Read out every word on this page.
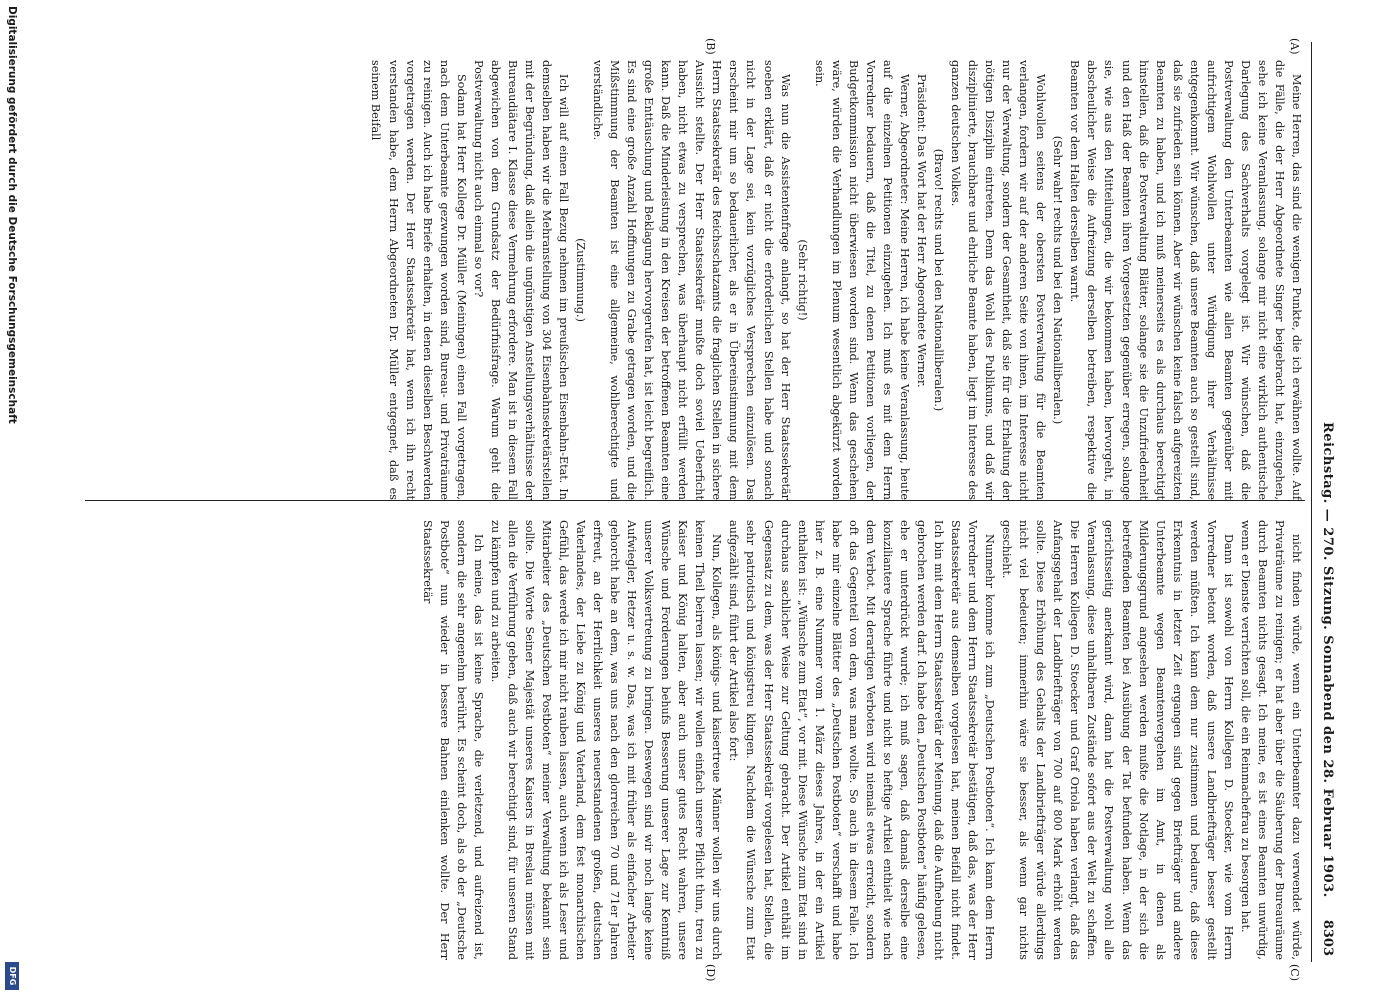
Reichstag. — 270. Sitzung. Sonnabend den 28. Februar 1903.
8303
(A)
(B)
(C)
(D)

Meine Herren, das sind die wenigen Punkte, die ich erwähnen wollte. Auf die Fälle, die der Herr Abgeordnete Singer beigebracht hat, einzugehen, sehe ich keine Veranlassung, solange mir nicht eine wirklich authentische Darlegung des Sachverhalts vorgelegt ist. Wir wünschen, daß die Postverwaltung den Unterbeamten wie allen Beamten gegenüber mit aufrichtigem Wohlwollen unter Würdigung ihrer Verhältnisse entgegenkommt. Wir wünschen, daß unsere Beamten auch so gestellt sind, daß sie zufrieden sein können. Aber wir wünschen keine falsch aufgereizten Beamten zu haben, und ich muß meinerseits es als durchaus berechtigt hinstellen, daß die Postverwaltung Blätter, solange sie die Unzufriedenheit und den Haß der Beamten ihren Vorgesetzten gegenüber erregen, solange sie, wie aus den Mitteilungen, die wir bekommen haben, hervorgeht, in abscheulicher Weise die Aufreizung derselben betreiben, respektive die Beamten vor dem Halten derselben warnt.

(Sehr wahr! rechts und bei den Nationalliberalen.)

Wohlwollen seitens der obersten Postverwaltung für die Beamten verlangen, fordern wir auf der anderen Seite von ihnen, im Interesse nicht nur der Verwaltung, sondern der Gesamtheit, daß sie für die Erhaltung der nötigen Disziplin eintreten. Denn das Wohl des Publikums, und daß wir disziplinierte, brauchbare und ehrliche Beamte haben, liegt im Interesse des ganzen deutschen Volkes.

(Bravo! rechts und bei den Nationalliberalen.)

Präsident: Das Wort hat der Herr Abgeordnete Werner.

Werner, Abgeordneter: Meine Herren, ich habe keine Veranlassung, heute auf die einzelnen Petitionen einzugehen. Ich muß es mit dem Herrn Vorredner bedauern, daß die Titel, zu denen Petitionen vorliegen, der Budgetkommission nicht überwiesen worden sind. Wenn das geschehen wäre, würden die Verhandlungen im Plenum wesentlich abgekürzt worden sein.

(Sehr richtig!)

Was nun die Assistentenfrage anlangt, so hat der Herr Staatssekretär soeben erklärt, daß er nicht die erforderlichen Stellen habe und sonach nicht in der Lage sei, kein vorzügliches Versprechen einzulösen. Das erscheint mir um so bedauerlicher, als er in Übereinstimmung mit dem Herrn Staatssekretär des Reichsschatzamts die fraglichen Stellen in sichere Aussicht stellte. Der Herr Staatssekretär mußte doch soviel Ueberficht haben, nicht etwas zu versprechen, was überhaupt nicht erfüllt werden kann. Daß die Minderleistung in den Kreisen der betroffenen Beamten eine große Enttäuschung und Beklagung hervorgerufen hat, ist leicht begreiflich. Es sind eine große Anzahl Hoffnungen zu Grabe getragen worden, und die Mißstimmung der Beamten ist eine allgemeine, wohlberechtigte und verständliche.

(Zustimmung.)

Ich will auf einen Fall Bezug nehmen im preußischen Eisenbahn-Etat. In demselben haben wir die Mehranstellung von 304 Eisenbahnsekretärstellen mit der Begründung, daß allein die ungünstigen Anstellungsverhältnisse der Bureaudiätare I. Klasse diese Vermehrung erfordere. Man ist in diesem Fall abgewichen von dem Grundsatz der Bedürfnisfrage. Warum geht die Postverwaltung nicht auch einmal so vor?

Sodann hat Herr Kollege Dr. Müller (Meiningen) einen Fall vorgetragen, nach dem Unterbeamte gezwungen worden sind, Bureau- und Privaträume zu reinigen. Auch ich habe Briefe erhalten, in denen dieselben Beschwerden vorgetragen werden. Der Herr Staatssekretär hat, wenn ich ihn recht verstanden habe, dem Herrn Abgeordneten Dr. Müller entgegnet, daß es seinem Beifall

nicht finden würde, wenn ein Unterbeamter dazu verwendet würde, Privaträume zu reinigen; er hat aber über die Säuberung der Bureauräume durch Beamten nichts gesagt. Ich meine, es ist eines Beamten unwürdig, wenn er Dienste verrichten soll, die ein Reinmachefrau zu besorgen hat.

Dann ist sowohl von Herrn Kollegen D. Stoecker, wie vom Herrn Vorredner betont worden, daß unsere Landbriefträger besser gestellt werden müßten. Ich kann dem nur zustimmen und bedaure, daß diese Erkenntnis in letzter Zeit ergangen sind gegen Briefträger und andere Unterbeamte wegen Beamtenvergehen im Amt, in denen als Milderungsgrund angesehen werden mußte die Notlage, in der sich die betreffenden Beamten bei Ausübung der Tat befunden haben. Wenn das gerichtsseitig anerkannt wird, dann hat die Postverwaltung wohl alle Veranlassung, diese unhaltbaren Zustände sofort aus der Welt zu schaffen. Die Herren Kollegen D. Stoecker und Graf Oriola haben verlangt, daß das Anfangsgehalt der Landbriefträger von 700 auf 800 Mark erhöht werden sollte. Diese Erhöhung des Gehalts der Landbriefträger würde allerdings nicht viel bedeuten; immerhin wäre sie besser, als wenn gar nichts geschieht.

Nunmehr komme ich zum „Deutschen Postboten“. Ich kann dem Herrn Vorredner und dem Herrn Staatssekretär bestätigen, daß das, was der Herr Staatssekretär aus demselben vorgelesen hat, meinen Beifall nicht findet. Ich bin mit dem Herrn Staatssekretär der Meinung, daß die Aufhebung nicht gebrochen werden darf. Ich habe den „Deutschen Postboten“ häufig gelesen, ehe er unterdrückt wurde; ich muß sagen, daß damals derselbe eine konziliantere Sprache führte und nicht so heftige Artikel enthielt wie nach dem Verbot. Mit derartigen Verboten wird niemals etwas erreicht, sondern oft das Gegenteil von dem, was man wollte. So auch in diesem Falle. Ich habe mir einzelne Blätter des „Deutschen Postboten“ verschafft und habe hier z. B. eine Nummer vom 1. März dieses Jahres, in der ein Artikel enthalten ist: „Wünsche zum Etat“, vor mit. Diese Wünsche zum Etat sind in durchaus sachlicher Weise zur Geltung gebracht. Der Artikel enthält im Gegensatz zu dem, was der Herr Staatssekretär vorgelesen hat, Stellen, die sehr patriotisch und königstreu klingen. Nachdem die Wünsche zum Etat aufgezählt sind, führt der Artikel also fort:

Nun, Kollegen, als königs- und kaisertreue Männer wollen wir uns durch keinen Theil beirren lassen; wir wollen einfach unsere Pflicht thun, treu zu Kaiser und König halten, aber auch unser gutes Recht wahren, unsere Wünsche und Forderungen behufs Besserung unserer Lage zur Kenntniß unserer Volksvertretung zu bringen. Deswegen sind wir noch lange keine Aufwiegler, Hetzer u. s. w. Das, was ich mit früher als einfacher Arbeiter gehorcht habe an dem, was uns nach den glorreichen 70 und 71er Jahren erfreut, an der Herrlichkeit unseres neuerstandenen großen, deutschen Vaterlandes, der Liebe zu König und Vaterland, dem fest monarchischen Gefühl, das werde ich mir nicht rauben lassen, auch wenn ich als Leser und Mitarbeiter des „Deutschen Postboten“ meiner Verwaltung bekannt sein sollte. Die Worte Seiner Majestät unseres Kaisers in Breslau müssen mit allen die Verführung geben, daß auch wir berechtigt sind, für unseren Stand zu kämpfen und zu arbeiten.

Ich meine, das ist keine Sprache, die verletzend, und aufreizend ist, sondern die sehr angenehm berührt. Es scheint doch, als ob der „Deutsche Postbote“ nun wieder in bessere Bahnen einlenken wollte. Der Herr Staatssekretär

Digitalisierung gefördert durch die Deutsche Forschungsgemeinschaft
DFG
